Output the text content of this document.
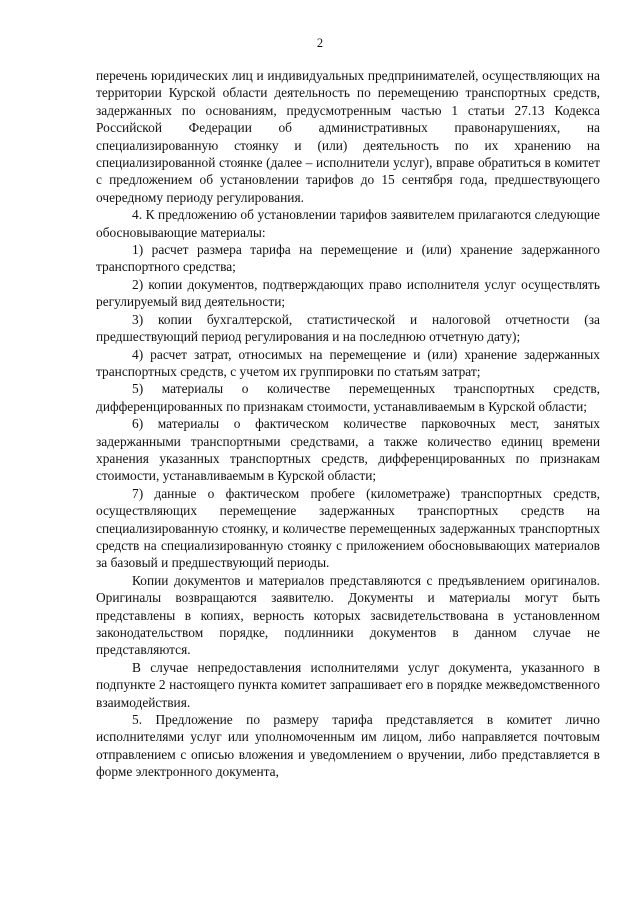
2

перечень юридических лиц и индивидуальных предпринимателей, осуществляющих на территории Курской области деятельность по перемещению транспортных средств, задержанных по основаниям, предусмотренным частью 1 статьи 27.13 Кодекса Российской Федерации об административных правонарушениях, на специализированную стоянку и (или) деятельность по их хранению на специализированной стоянке (далее – исполнители услуг), вправе обратиться в комитет с предложением об установлении тарифов до 15 сентября года, предшествующего очередному периоду регулирования.

4. К предложению об установлении тарифов заявителем прилагаются следующие обосновывающие материалы:

1) расчет размера тарифа на перемещение и (или) хранение задержанного транспортного средства;

2) копии документов, подтверждающих право исполнителя услуг осуществлять регулируемый вид деятельности;

3) копии бухгалтерской, статистической и налоговой отчетности (за предшествующий период регулирования и на последнюю отчетную дату);

4) расчет затрат, относимых на перемещение и (или) хранение задержанных транспортных средств, с учетом их группировки по статьям затрат;

5) материалы о количестве перемещенных транспортных средств, дифференцированных по признакам стоимости, устанавливаемым в Курской области;

6) материалы о фактическом количестве парковочных мест, занятых задержанными транспортными средствами, а также количество единиц времени хранения указанных транспортных средств, дифференцированных по признакам стоимости, устанавливаемым в Курской области;

7) данные о фактическом пробеге (километраже) транспортных средств, осуществляющих перемещение задержанных транспортных средств на специализированную стоянку, и количестве перемещенных задержанных транспортных средств на специализированную стоянку с приложением обосновывающих материалов за базовый и предшествующий периоды.

Копии документов и материалов представляются с предъявлением оригиналов. Оригиналы возвращаются заявителю. Документы и материалы могут быть представлены в копиях, верность которых засвидетельствована в установленном законодательством порядке, подлинники документов в данном случае не представляются.

В случае непредоставления исполнителями услуг документа, указанного в подпункте 2 настоящего пункта комитет запрашивает его в порядке межведомственного взаимодействия.

5. Предложение по размеру тарифа представляется в комитет лично исполнителями услуг или уполномоченным им лицом, либо направляется почтовым отправлением с описью вложения и уведомлением о вручении, либо представляется в форме электронного документа,
